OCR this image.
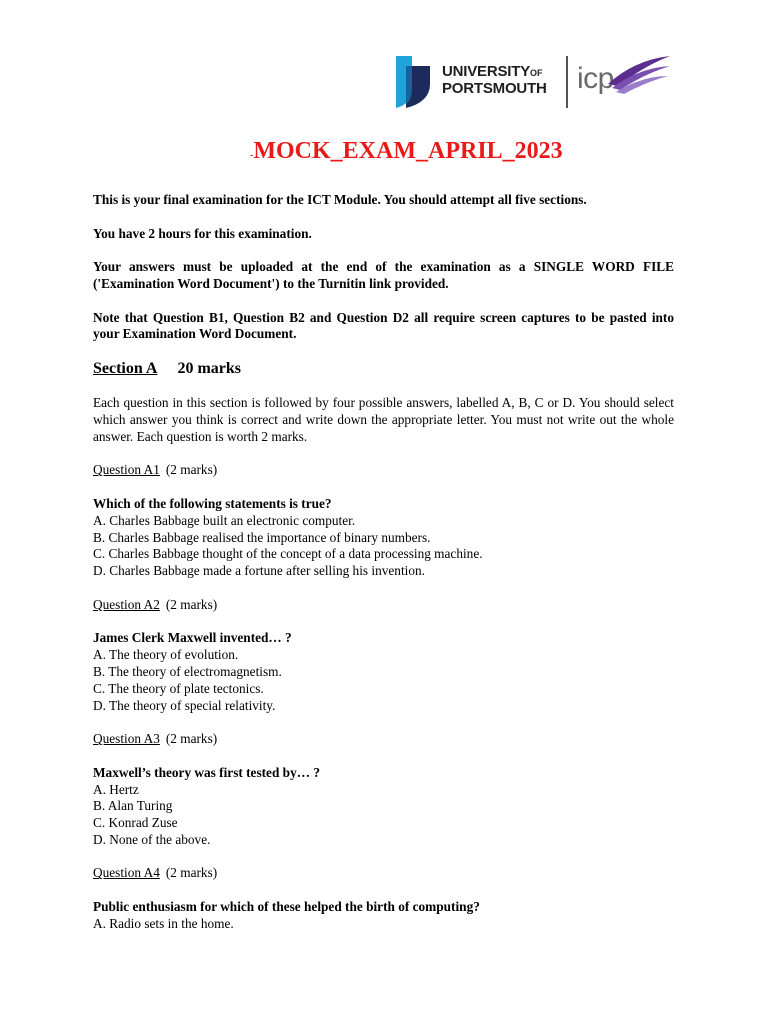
UNIVERSITYOF
PORTSMOUTH icp
-MOCK_EXAM_APRIL_2023

This is your final examination for the ICT Module. You should attempt all five sections.

You have 2 hours for this examination.

Your answers must be uploaded at the end of the examination as a SINGLE WORD FILE ('Examination Word Document') to the Turnitin link provided.

Note that Question B1, Question B2 and Question D2 all require screen captures to be pasted into your Examination Word Document.

Section A 20 marks

Each question in this section is followed by four possible answers, labelled A, B, C or D. You should select which answer you think is correct and write down the appropriate letter. You must not write out the whole answer. Each question is worth 2 marks.

Question A1 (2 marks)

Which of the following statements is true?

A. Charles Babbage built an electronic computer.

B. Charles Babbage realised the importance of binary numbers.

C. Charles Babbage thought of the concept of a data processing machine.

D. Charles Babbage made a fortune after selling his invention.

Question A2 (2 marks)

James Clerk Maxwell invented… ?

A. The theory of evolution.

B. The theory of electromagnetism.

C. The theory of plate tectonics.

D. The theory of special relativity.

Question A3 (2 marks)

Maxwell’s theory was first tested by… ?

A. Hertz

B. Alan Turing

C. Konrad Zuse

D. None of the above.

Question A4 (2 marks)

Public enthusiasm for which of these helped the birth of computing?

A. Radio sets in the home.
